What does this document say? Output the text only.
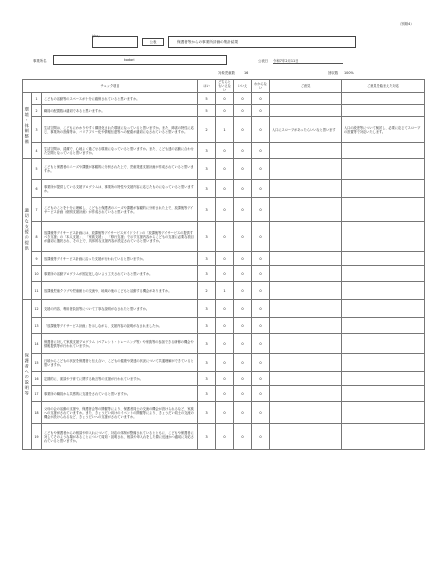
（別紙4）
ｶﾅｴﾂｲ
公表	保護者等からの事業所評価の集計結果
事業所名	kodori	公表日 令和7年2月11日
対象児童数	16	回収数 100%
チェック項目			はい	どちらともいえない	いいえ	わからない	ご意見	ご意見を踏まえた対応

環境・体制整備	1	こどもの活動等のスペースが十分に確保されていると思いますか。	5	0	0	0		
	2	職員の配置数は適切であると思いますか。	5	0	0	0		
	3	生活空間は、こどもにわかりやすく構造化された環境になっていると思いますか。また、障害の特性に応じ、事業所の設備等は、バリアフリー化や情報伝達等への配慮が適切になされていると思いますか。	2	1	0	0	入口にスロープがあったらいいなと思います	入口の段差等について検討し、必要に応じてスロープの設置等で対応いたします。
	4	生活空間は、清潔で、心地よく過ごせる環境になっていると思いますか。また、こども達の活動に合わせた空間となっていると思いますか。	3	0	0	0		

適切な支援の提供	5	こどもと保護者のニーズや課題が客観的に分析された上で、児童発達支援計画が作成されていると思いますか。	3	0	0	0		
	6	事業所が提供している支援プログラムは、事業所の特性や支援内容に応じたものになっていると思いますか。	3	0	0	0		
	7	こどものことを十分に理解し、こどもと保護者のニーズや課題が客観的に分析された上で、放課後等デイサービス計画（個別支援計画）が作成されていると思いますか。	3	0	0	0		
	8	放課後等デイサービス計画には、放課後等デイサービスガイドラインの「放課後等デイサービスの提供すべき支援」の「本人支援」、「家族支援」、「移行支援」で示す支援内容からこどもの支援に必要な項目が適切に選択され、その上で、具体的な支援内容が設定されていると思いますか。	3	0	0	0		
	9	放課後等デイサービス計画に沿った支援が行われていると思いますか。	3	0	0	0		
	10	事業所の活動プログラムが固定化しないよう工夫されていると思いますか。	3	0	0	0		
	11	放課後児童クラブや児童館との交流や、地域の他のこどもと活動する機会がありますか。	2	1	0	0		

保護者への説明等	12	支援の内容、利用者負担等について丁寧な説明がなされたと思いますか。	3	0	0	0		
	13	「放課後等デイサービス計画」を示しながら、支援内容の説明がなされましたか。	3	0	0	0		
	14	保護者に対して家族支援プログラム（ペアレント・トレーニング等）や家族等の参加できる研修の機会や情報提供等が行われていますか。	3	0	0	0		
	15	日頃からこどもの状況を保護者と伝え合い、こどもの健康や発達の状況について共通理解ができていると思いますか。	3	0	0	0		
	16	定期的に、面談や子育てに関する助言等の支援が行われていますか。	3	0	0	0		
	17	事業所の職員から共感的に支援をされていると思いますか。	3	0	0	0		
	18	父母の会の活動の支援や、保護者会等の開催等により、保護者同士の交流の機会が設けられるなど、家族への支援がされていますか。また、きょうだい向けのイベントの開催等により、きょうだい同士の交流の機会が設けられるなど、きょうだいへの支援がされていますか。	3	0	0	0		
	19	こどもや保護者からの相談や申入れについて、対応の体制が整備されているとともに、こどもや保護者に対してそのような場があることについて周知・説明され、相談や申入れをした際に迅速かつ適切に対応されていると思いますか。	3	0	0	0		
